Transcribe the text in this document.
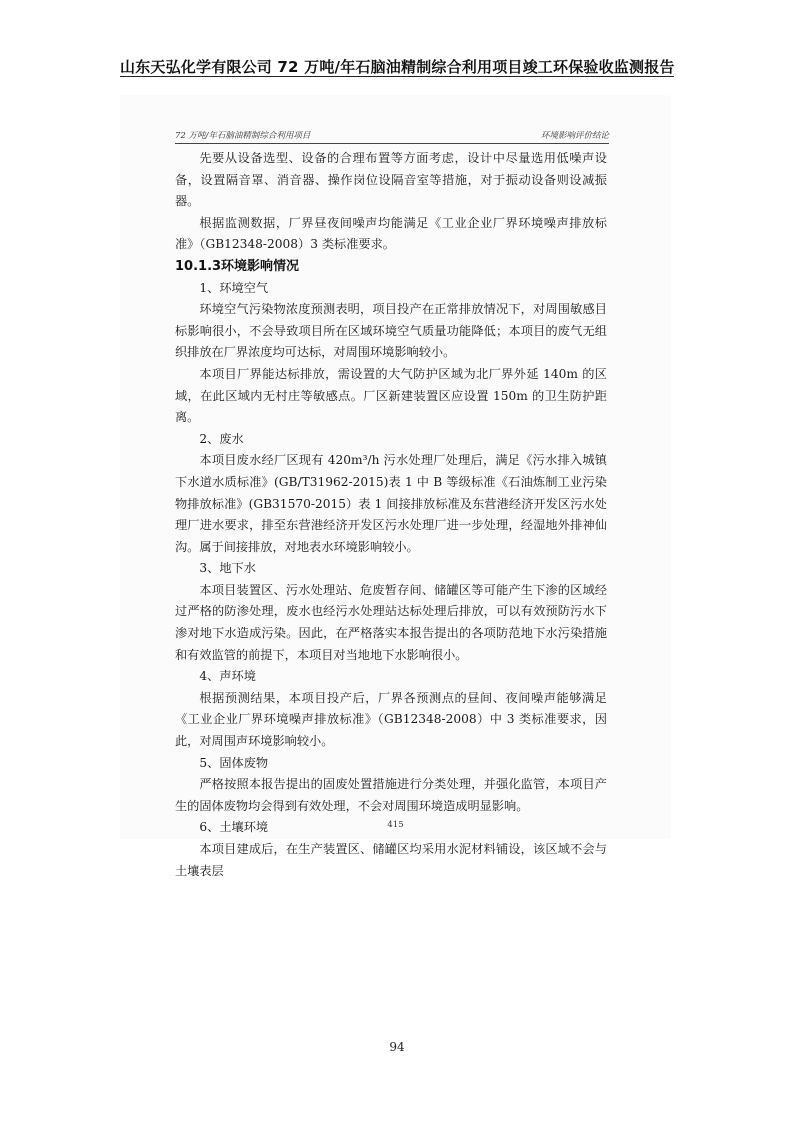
山东天弘化学有限公司 72 万吨/年石脑油精制综合利用项目竣工环保验收监测报告
72 万吨/年石脑油精制综合利用项目	环境影响评价结论

先要从设备选型、设备的合理布置等方面考虑，设计中尽量选用低噪声设备，设置隔音罩、消音器、操作岗位设隔音室等措施，对于振动设备则设减振器。

根据监测数据，厂界昼夜间噪声均能满足《工业企业厂界环境噪声排放标准》（GB12348-2008）3 类标准要求。

10.1.3环境影响情况

1、环境空气

环境空气污染物浓度预测表明，项目投产在正常排放情况下，对周围敏感目标影响很小，不会导致项目所在区域环境空气质量功能降低；本项目的废气无组织排放在厂界浓度均可达标，对周围环境影响较小。

本项目厂界能达标排放，需设置的大气防护区域为北厂界外延 140m 的区域，在此区域内无村庄等敏感点。厂区新建装置区应设置 150m 的卫生防护距离。

2、废水

本项目废水经厂区现有 420m³/h 污水处理厂处理后，满足《污水排入城镇下水道水质标准》(GB/T31962-2015)表 1 中 B 等级标准《石油炼制工业污染物排放标准》(GB31570-2015）表 1 间接排放标准及东营港经济开发区污水处理厂进水要求，排至东营港经济开发区污水处理厂进一步处理，经湿地外排神仙沟。属于间接排放，对地表水环境影响较小。

3、地下水

本项目装置区、污水处理站、危废暂存间、储罐区等可能产生下渗的区域经过严格的防渗处理，废水也经污水处理站达标处理后排放，可以有效预防污水下渗对地下水造成污染。因此，在严格落实本报告提出的各项防范地下水污染措施和有效监管的前提下，本项目对当地地下水影响很小。

4、声环境

根据预测结果，本项目投产后，厂界各预测点的昼间、夜间噪声能够满足《工业企业厂界环境噪声排放标准》（GB12348-2008）中 3 类标准要求，因此，对周围声环境影响较小。

5、固体废物

严格按照本报告提出的固废处置措施进行分类处理，并强化监管，本项目产生的固体废物均会得到有效处理，不会对周围环境造成明显影响。

6、土壤环境

本项目建成后，在生产装置区、储罐区均采用水泥材料铺设，该区域不会与土壤表层

415
94
